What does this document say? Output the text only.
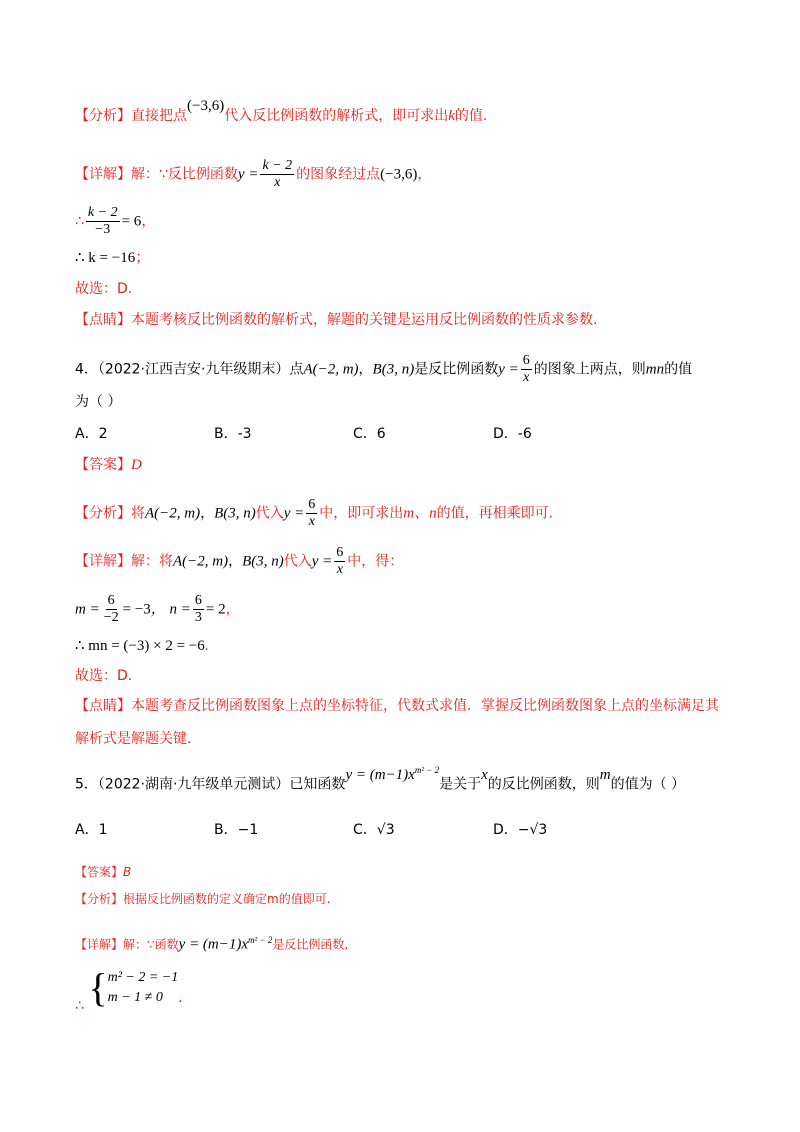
【分析】直接把点(−3,6)代入反比例函数的解析式，即可求出k的值.
【详解】解：∵反比例函数$y = \frac{k - 2}{x}$ 的图象经过点(−3,6)，
∴ $\frac{k - 2}{-3} = 6$，
∴ k = −16；
故选：D.
【点睛】本题考核反比例函数的解析式，解题的关键是运用反比例函数的性质求参数.
4．（2022·江西吉安·九年级期末）点A(−2, m)，B(3, n)是反比例函数$y = \frac{6}{x}$ 的图象上两点，则mn的值
为（ ）
A．2	B．-3	C．6	D．-6
【答案】D
【分析】将A(−2, m)，B(3, n)代入$y = \frac{6}{x}$ 中，即可求出m、n的值，再相乘即可.
【详解】解：将A(−2, m)，B(3, n)代入$y = \frac{6}{x}$ 中，得：
$m = \frac{6}{-2} = -3$， $n = \frac{6}{3} = 2$，
∴ mn = (−3) × 2 = −6.
故选：D.
【点睛】本题考查反比例函数图象上点的坐标特征，代数式求值．掌握反比例函数图象上点的坐标满足其
解析式是解题关键.
5．（2022·湖南·九年级单元测试）已知函数$y = (m-1)x^{m^2 - 2}$是关于x的反比例函数，则m的值为（ ）
A．1	B．−1	C．√3	D．−√3
【答案】B
【分析】根据反比例函数的定义确定m的值即可.
【详解】解：∵函数$y = (m-1)x^{m^2 - 2}$是反比例函数,
∴ { m² − 2 = −1
m − 1 ≠ 0	．
